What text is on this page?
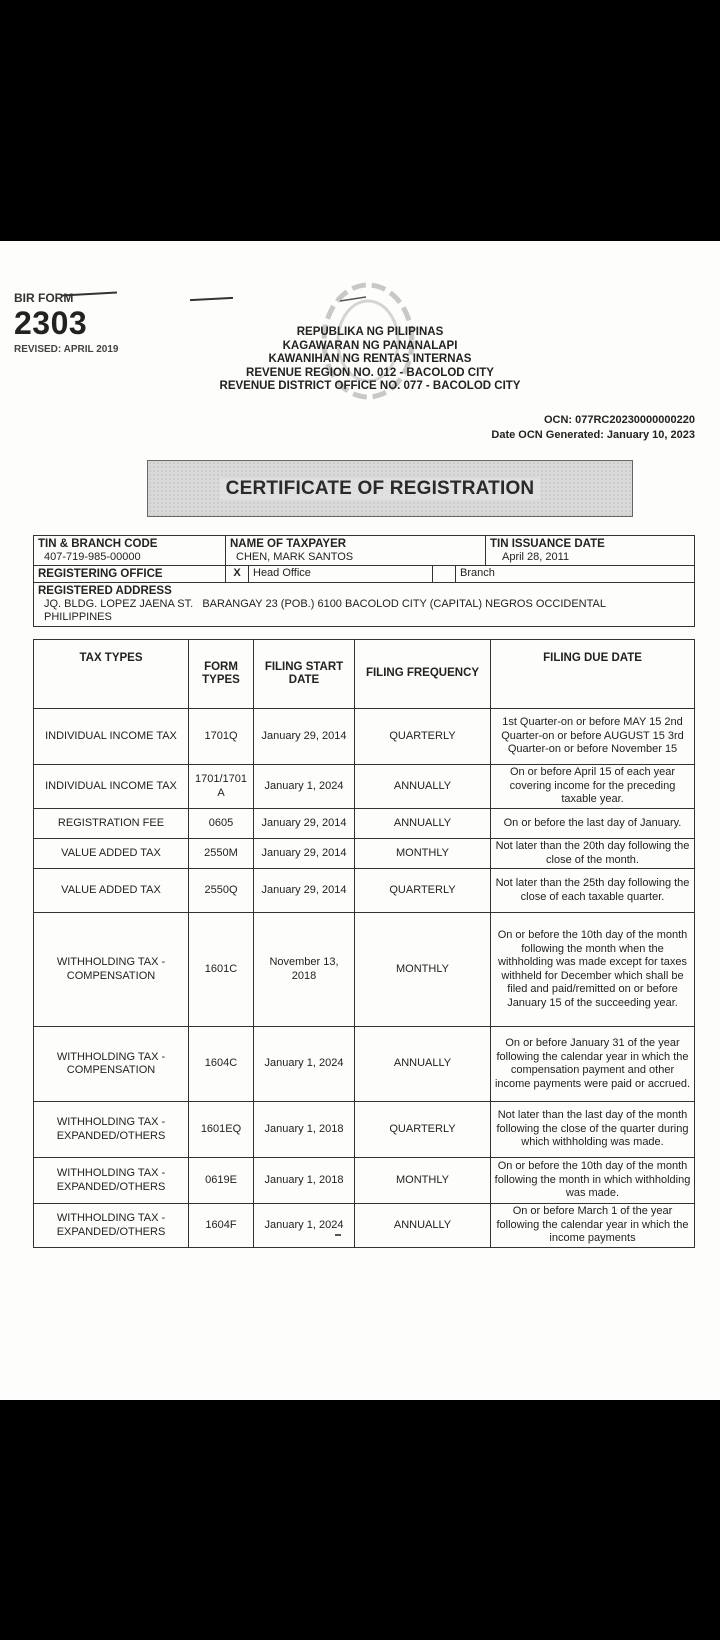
BIR FORM
2303
REVISED: APRIL 2019
REPUBLIKA NG PILIPINAS
KAGAWARAN NG PANANALAPI
KAWANIHAN NG RENTAS INTERNAS
REVENUE REGION NO. 012 - BACOLOD CITY
REVENUE DISTRICT OFFICE NO. 077 - BACOLOD CITY
OCN: 077RC20230000000220
Date OCN Generated: January 10, 2023
CERTIFICATE OF REGISTRATION
TIN & BRANCH CODE
407-719-985-00000
NAME OF TAXPAYER
CHEN, MARK SANTOS
TIN ISSUANCE DATE
April 28, 2011
REGISTERING OFFICE	X	Head Office	Branch
REGISTERED ADDRESS
JQ. BLDG. LOPEZ JAENA ST.   BARANGAY 23 (POB.) 6100 BACOLOD CITY (CAPITAL) NEGROS OCCIDENTAL PHILIPPINES
TAX TYPES	FORM TYPES	FILING START DATE	FILING FREQUENCY	FILING DUE DATE
INDIVIDUAL INCOME TAX	1701Q	January 29, 2014	QUARTERLY	1st Quarter-on or before MAY 15 2nd Quarter-on or before AUGUST 15 3rd Quarter-on or before November 15
INDIVIDUAL INCOME TAX	1701/1701A	January 1, 2024	ANNUALLY	On or before April 15 of each year covering income for the preceding taxable year.
REGISTRATION FEE	0605	January 29, 2014	ANNUALLY	On or before the last day of January.
VALUE ADDED TAX	2550M	January 29, 2014	MONTHLY	Not later than the 20th day following the close of the month.
VALUE ADDED TAX	2550Q	January 29, 2014	QUARTERLY	Not later than the 25th day following the close of each taxable quarter.
WITHHOLDING TAX - COMPENSATION	1601C	November 13, 2018	MONTHLY	On or before the 10th day of the month following the month when the withholding was made except for taxes withheld for December which shall be filed and paid/remitted on or before January 15 of the succeeding year.
WITHHOLDING TAX - COMPENSATION	1604C	January 1, 2024	ANNUALLY	On or before January 31 of the year following the calendar year in which the compensation payment and other income payments were paid or accrued.
WITHHOLDING TAX - EXPANDED/OTHERS	1601EQ	January 1, 2018	QUARTERLY	Not later than the last day of the month following the close of the quarter during which withholding was made.
WITHHOLDING TAX - EXPANDED/OTHERS	0619E	January 1, 2018	MONTHLY	On or before the 10th day of the month following the month in which withholding was made.
WITHHOLDING TAX - EXPANDED/OTHERS	1604F	January 1, 2024	ANNUALLY	On or before March 1 of the year following the calendar year in which the income payments
